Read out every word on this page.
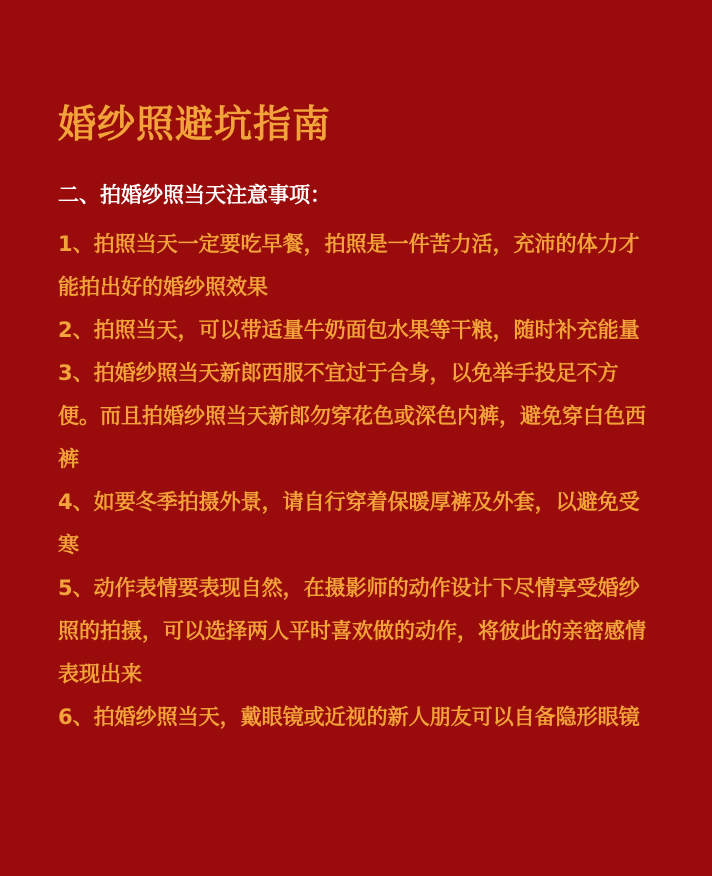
婚纱照避坑指南
二、拍婚纱照当天注意事项：
1、拍照当天一定要吃早餐，拍照是一件苦力活，充沛的体力才能拍出好的婚纱照效果
2、拍照当天，可以带适量牛奶面包水果等干粮，随时补充能量
3、拍婚纱照当天新郎西服不宜过于合身，以免举手投足不方便。而且拍婚纱照当天新郎勿穿花色或深色内裤，避免穿白色西裤
4、如要冬季拍摄外景，请自行穿着保暖厚裤及外套，以避免受寒
5、动作表情要表现自然，在摄影师的动作设计下尽情享受婚纱照的拍摄，可以选择两人平时喜欢做的动作，将彼此的亲密感情表现出来
6、拍婚纱照当天，戴眼镜或近视的新人朋友可以自备隐形眼镜
